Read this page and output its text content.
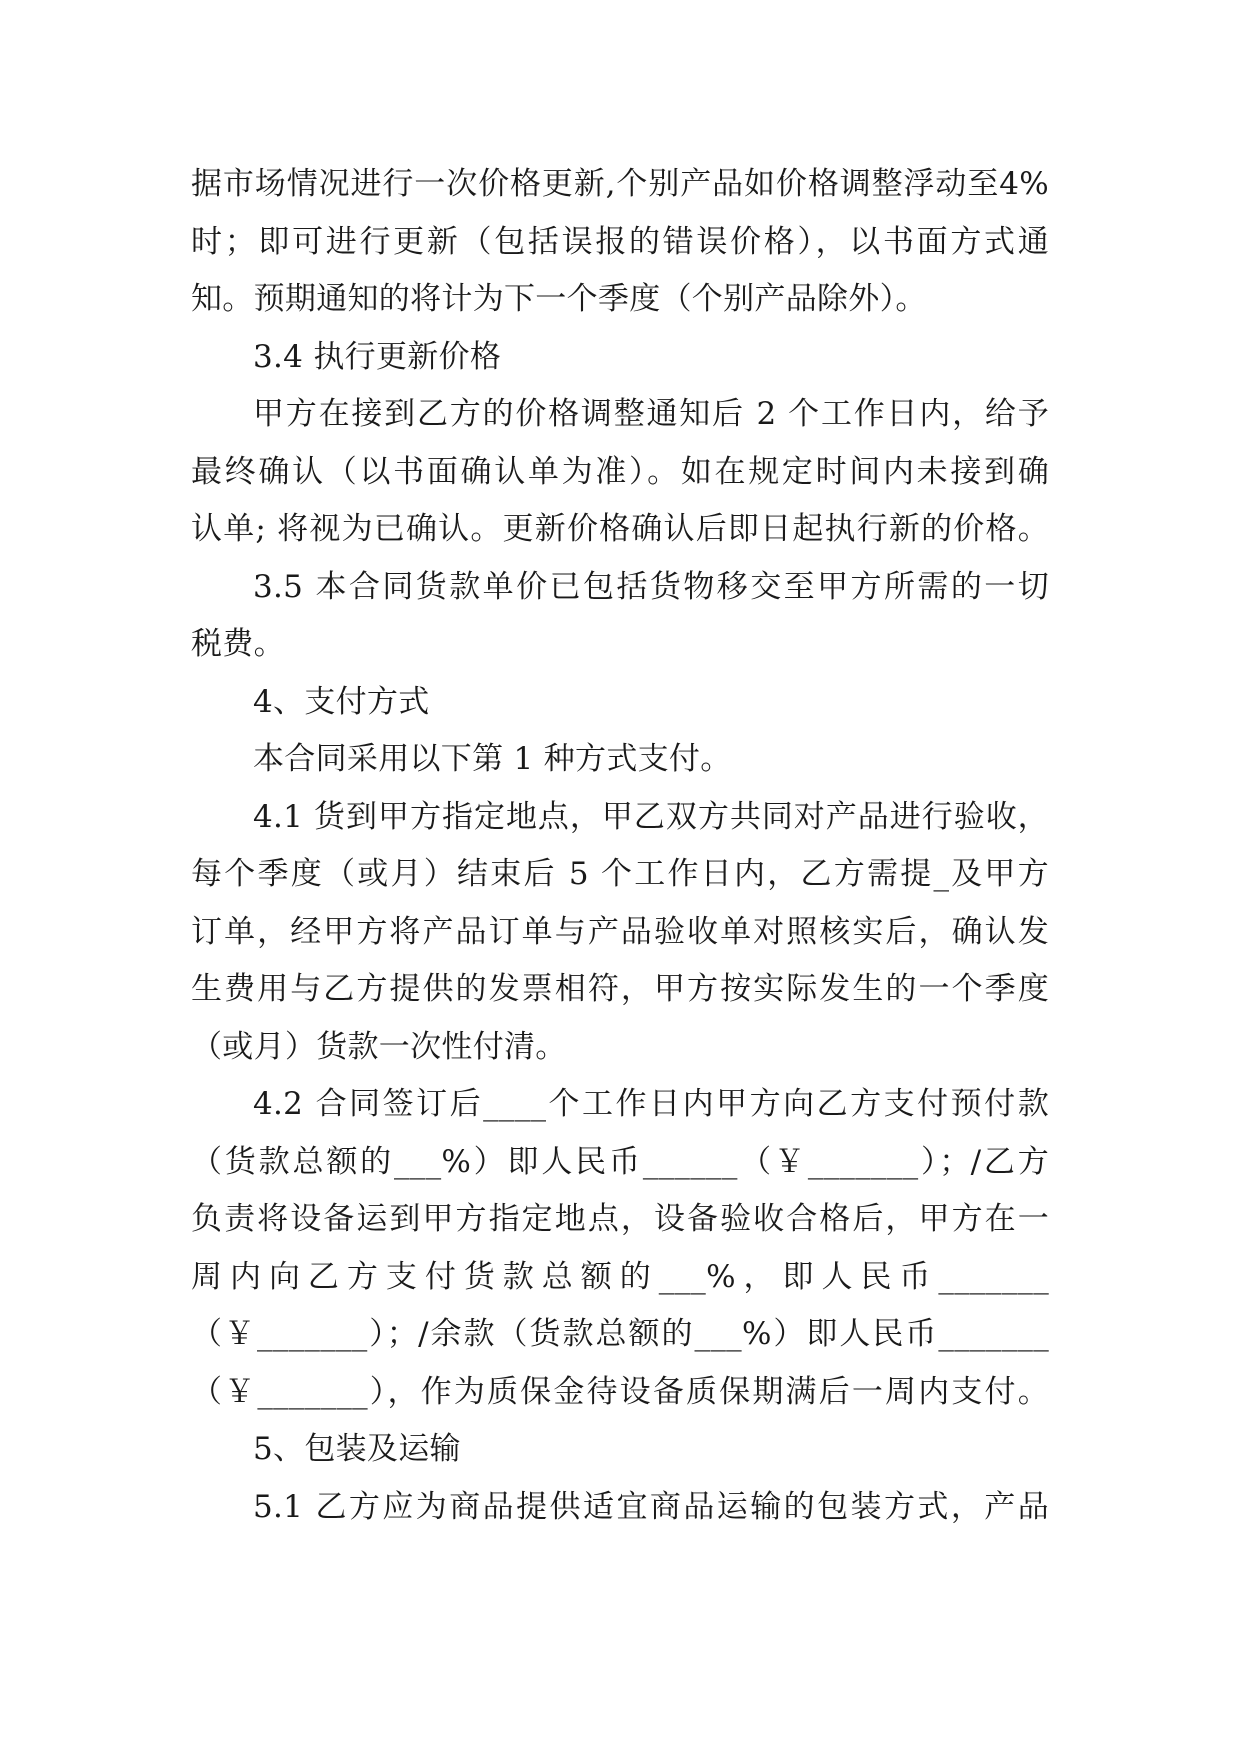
据市场情况进行一次价格更新,个别产品如价格调整浮动至4%
时；即可进行更新（包括误报的错误价格），以书面方式通
知。预期通知的将计为下一个季度（个别产品除外）。
3.4 执行更新价格
甲方在接到乙方的价格调整通知后 2 个工作日内，给予
最终确认（以书面确认单为准）。如在规定时间内未接到确
认单; 将视为已确认。更新价格确认后即日起执行新的价格。
3.5 本合同货款单价已包括货物移交至甲方所需的一切
税费。
4、支付方式
本合同采用以下第 1 种方式支付。
4.1 货到甲方指定地点，甲乙双方共同对产品进行验收，
每个季度（或月）结束后 5 个工作日内，乙方需提_及甲方
订单，经甲方将产品订单与产品验收单对照核实后，确认发
生费用与乙方提供的发票相符，甲方按实际发生的一个季度
（或月）货款一次性付清。
4.2 合同签订后____个工作日内甲方向乙方支付预付款
（货款总额的___%）即人民币______（￥_______）；/乙方
负责将设备运到甲方指定地点，设备验收合格后，甲方在一
周内向乙方支付货款总额的___%，即人民币_______
（￥_______）；/余款（货款总额的___%）即人民币_______
（￥_______），作为质保金待设备质保期满后一周内支付。
5、包装及运输
5.1 乙方应为商品提供适宜商品运输的包装方式，产品
